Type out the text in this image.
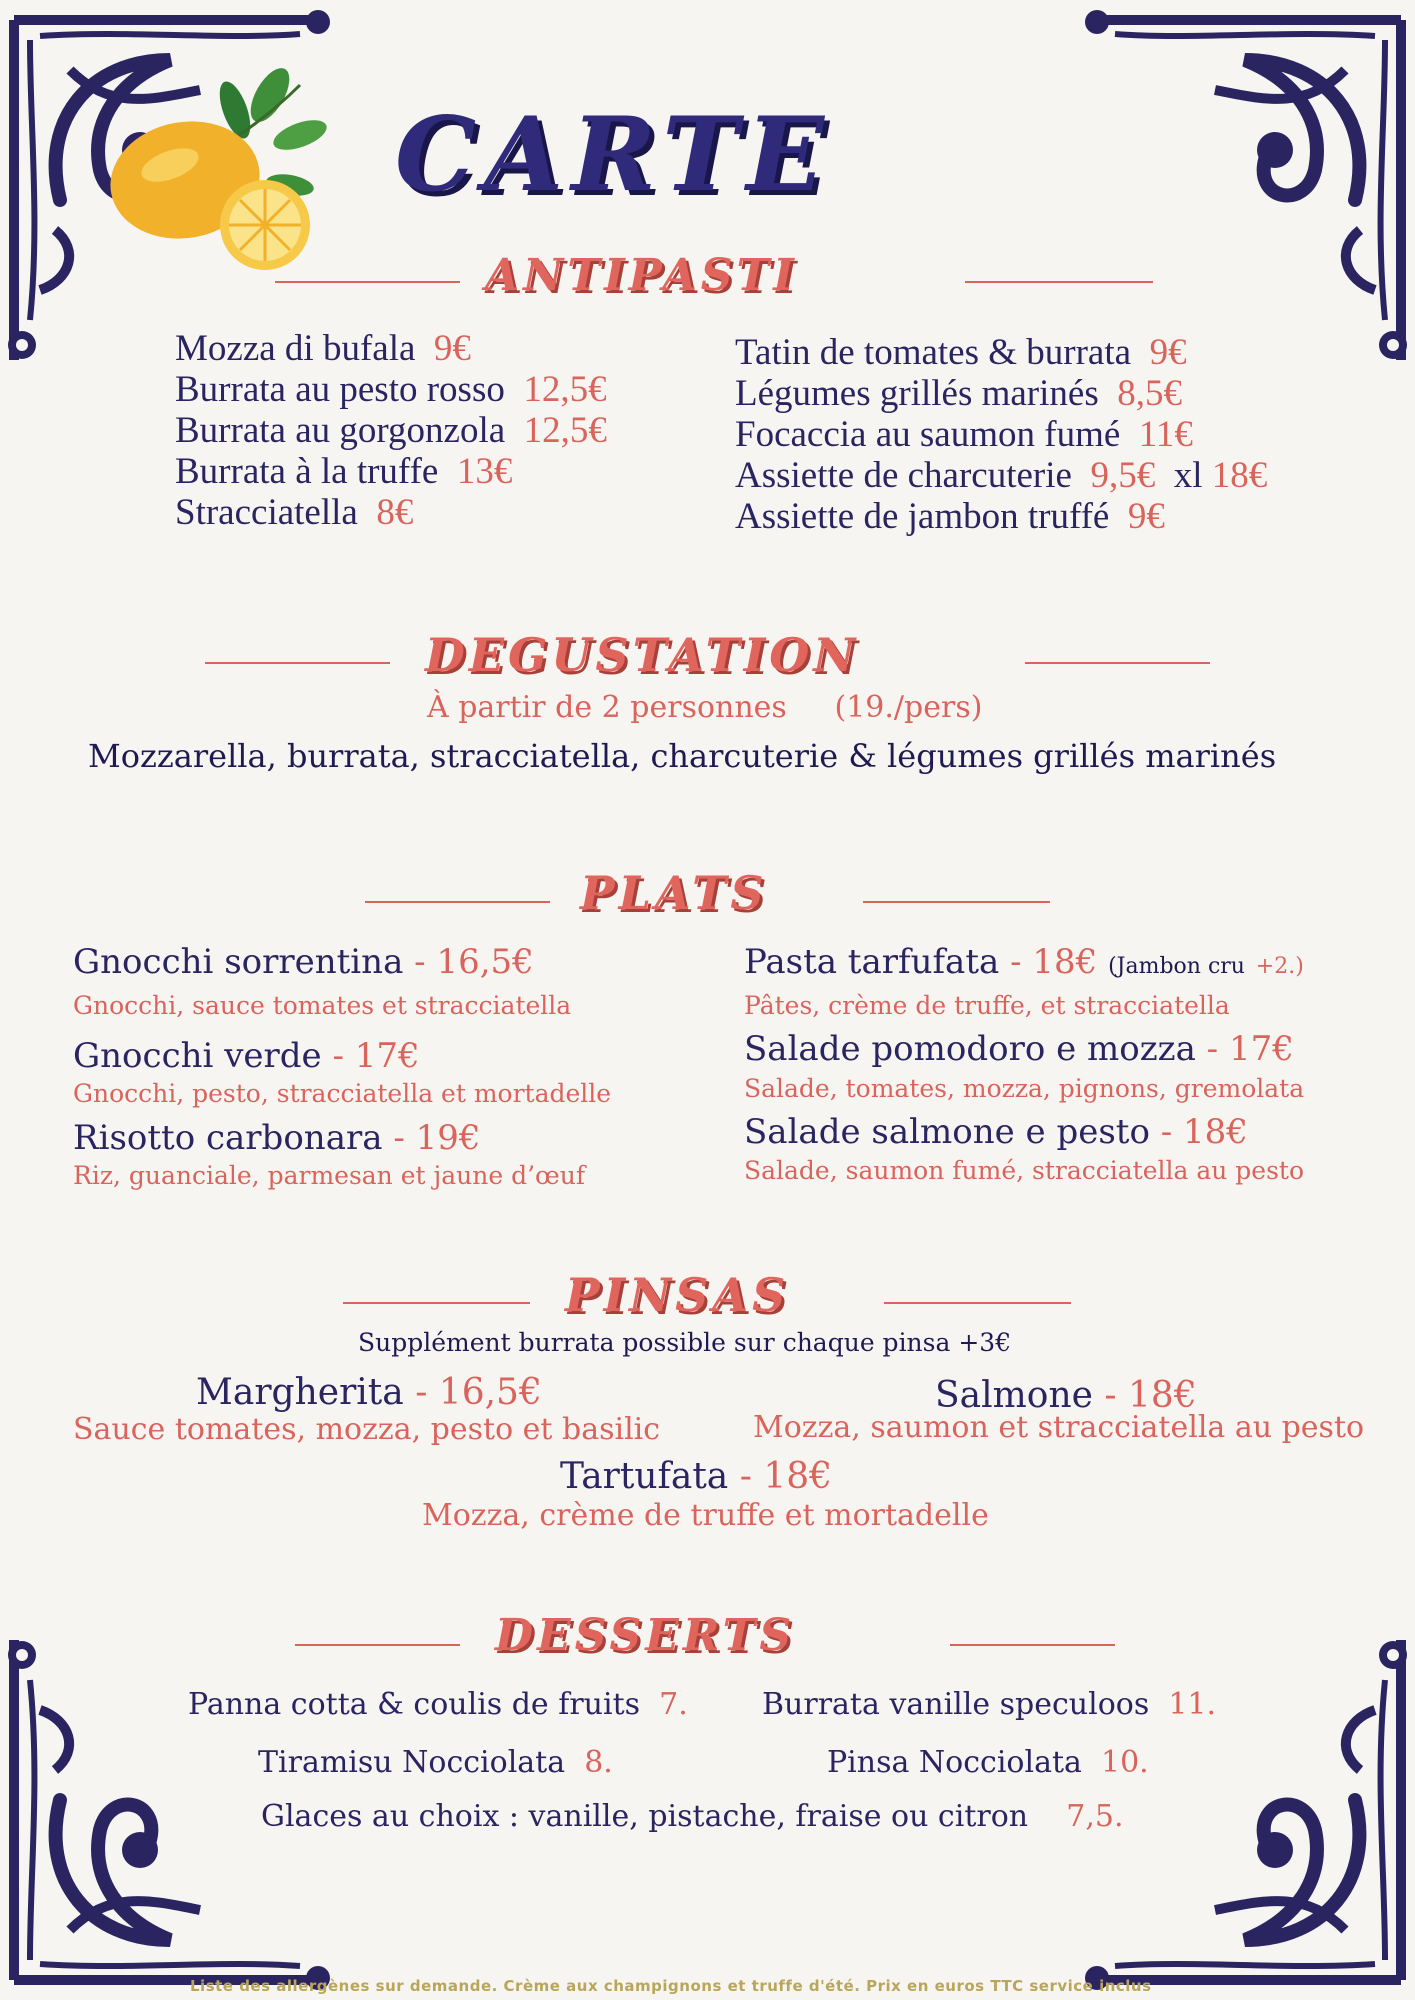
CARTE
ANTIPASTI
Mozza di bufala 9€
Burrata au pesto rosso 12,5€
Burrata au gorgonzola 12,5€
Burrata à la truffe 13€
Stracciatella 8€
Tatin de tomates & burrata 9€
Légumes grillés marinés 8,5€
Focaccia au saumon fumé 11€
Assiette de charcuterie 9,5€ xl 18€
Assiette de jambon truffé 9€
DEGUSTATION
À partir de 2 personnes (19./pers)
Mozzarella, burrata, stracciatella, charcuterie & légumes grillés marinés
PLATS
Gnocchi sorrentina - 16,5€
Gnocchi, sauce tomates et stracciatella
Gnocchi verde - 17€
Gnocchi, pesto, stracciatella et mortadelle
Risotto carbonara - 19€
Riz, guanciale, parmesan et jaune d’œuf
Pasta tarfufata - 18€ (Jambon cru +2.)
Pâtes, crème de truffe, et stracciatella
Salade pomodoro e mozza - 17€
Salade, tomates, mozza, pignons, gremolata
Salade salmone e pesto - 18€
Salade, saumon fumé, stracciatella au pesto
PINSAS
Supplément burrata possible sur chaque pinsa +3€
Margherita - 16,5€
Sauce tomates, mozza, pesto et basilic
Salmone - 18€
Mozza, saumon et stracciatella au pesto
Tartufata - 18€
Mozza, crème de truffe et mortadelle
DESSERTS
Panna cotta & coulis de fruits 7. Burrata vanille speculoos 11.
Tiramisu Nocciolata 8.	Pinsa Nocciolata 10.
Glaces au choix : vanille, pistache, fraise ou citron 7,5.
Liste des allergènes sur demande. Crème aux champignons et truffe d'été. Prix en euros TTC service inclus
